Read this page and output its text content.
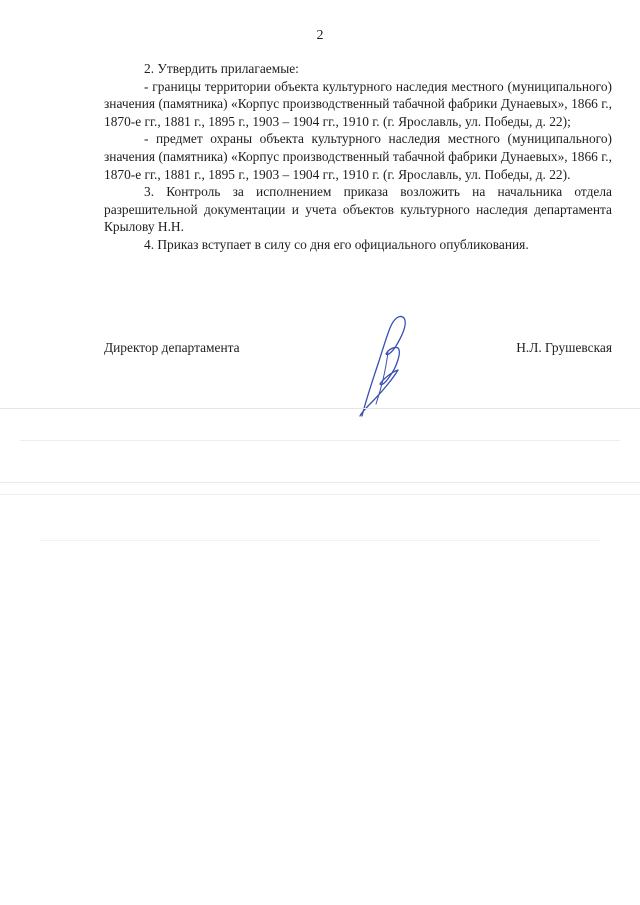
2

2. Утвердить прилагаемые:

- границы территории объекта культурного наследия местного (муниципального) значения (памятника) «Корпус производственный табачной фабрики Дунаевых», 1866 г., 1870-е гг., 1881 г., 1895 г., 1903 – 1904 гг., 1910 г. (г. Ярославль, ул. Победы, д. 22);

- предмет охраны объекта культурного наследия местного (муниципального) значения (памятника) «Корпус производственный табачной фабрики Дунаевых», 1866 г., 1870-е гг., 1881 г., 1895 г., 1903 – 1904 гг., 1910 г. (г. Ярославль, ул. Победы, д. 22).

3. Контроль за исполнением приказа возложить на начальника отдела разрешительной документации и учета объектов культурного наследия департамента Крылову Н.Н.

4. Приказ вступает в силу со дня его официального опубликования.

Директор департамента	Н.Л. Грушевская
